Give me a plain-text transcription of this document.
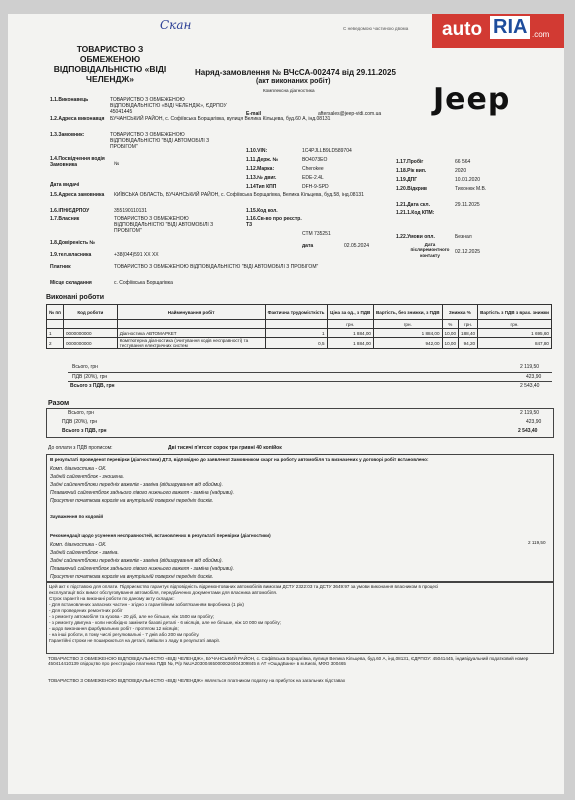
Скан	С неведомою частиною двома auto RIA .com
ТОВАРИСТВО З ОБМЕЖЕНОЮ ВІДПОВІДАЛЬНІСТЮ «ВІДІ ЧЕЛЕНДЖ»
Наряд-замовлення № ВЧсСА-002474 від 29.11.2025
(акт виконаних робіт)
Комплексна діагностика	Jeep
1.1.Виконавець	ТОВАРИСТВО З ОБМЕЖЕНОЮ ВІДПОВІДАЛЬНІСТЮ «ВІДІ ЧЕЛЕНДЖ», ЄДРПОУ 45041445	E-mail	aftersales@jeep-vidi.com.ua
1.2.Адреса виконавця БУЧАНСЬКИЙ РАЙОН, с. Софіївська Борщагівка, вулиця Велика Кільцева, буд.60 А, інд.08131
1.3.Замовник:	ТОВАРИСТВО З ОБМЕЖЕНОЮ ВІДПОВІДАЛЬНІСТЮ "ВІДІ АВТОМОБІЛІ З ПРОБІГОМ"
1.4.Посвідчення водія Замовника	№
Дата видачі
1.5.Адреса замовника КИЇВСЬКА ОБЛАСТЬ, БУЧАНСЬКИЙ РАЙОН, с. Софіївська Борщагівка, Велика Кільцева, буд.58, інд.08131
1.6.ІПН/ЄДРПОУ	355190110131
1.7.Власник	ТОВАРИСТВО З ОБМЕЖЕНОЮ ВІДПОВІДАЛЬНІСТЮ "ВІДІ АВТОМОБІЛІ З ПРОБІГОМ"
1.8.Довіреність №
1.9.тел.власника	+38(044)591 XX XX
1.10.VIN:	1C4PJLLB9LD589704
1.11.Держ. №	ВО4073ЕО
1.12.Марка:	Cherokee
1.13.№ двиг.	EDE-2.4L
1.14Тип КПП	DFH-9-SPD
1.15.Код кол.
1.16.Св-во про реєстр. ТЗ
СТМ 735251
дата	02.05.2024
1.17.Пробіг	66 564
1.18.Рік вип.	2020
1.19.ДПГ	10.01.2020
1.20.Відкрив	Тихонюк М.В.
1.21.Дата скл.	29.11.2025
1.21.1.Код КПМ:
1.22.Умови опл.	Безнал
Дата післяремонтного контакту
02.12.2025
Платник	ТОВАРИСТВО З ОБМЕЖЕНОЮ ВІДПОВІДАЛЬНІСТЮ "ВІДІ АВТОМОБІЛІ З ПРОБІГОМ"
Місце складання	с. Софіївська Борщагівка
Виконані роботи
№ пп	Код роботи	Найменування робіт	Фактична трудомісткість	Ціна за од., з ПДВ	Вартість, без знижки, з ПДВ	Знижка %		Вартість з ПДВ з врах. знижки
				грн.	грн.	%	грн.	грн.
1	0000000000	Діагностика АВТОМАРКЕТ	1	1 884,00	1 884,00	10,00	188,40	1 695,60
2	0000000000	Комп'ютерна діагностика (зчитування кодів несправності) та тестування електричних систем	0,5	1 884,00	942,00	10,00	94,20	847,80
Всього, грн	2 119,50
ПДВ (20%), грн	423,90
Всього з ПДВ, грн	2 543,40
Разом
Всього, грн	2 119,50
ПДВ (20%), грн	423,90
Всього з ПДВ, грн	2 543,40
До оплати з ПДВ прописом:	Дві тисячі п'ятсот сорок три гривні 40 копійок
В результаті проведеної перевірки (діагностики) ДТЗ, відповідно до заявленої Замовником скарг на роботу автомобіля та визначених у договорі робіт встановлено:
Комп. діагностика - ОК.
Задній сайлентблок - зношена.
Задні сайлентблоки передніх важелів - заміна (відшарування від обойми).
Плаваючий сайлентблок заднього лівого нижнього важеля - заміна (надриви).
Присутня початкова корозія на внутрішній поверхні передніх дисків.
Зауваження по кодовій
Рекомендації щодо усунення несправностей, встановлених в результаті перевірки (діагностики)
2 119,50
Комп. діагностика - ОК.
Задній сайлентблок - заміна.
Задні сайлентблоки передніх важелів - заміна (відшарування від обойми).
Плаваючий сайлентблок заднього лівого нижнього важеля - заміна (надриви).
Присутня початкова корозія на внутрішній поверхні передніх дисків.
Цей акт є підставою для оплати. Підприємство гарантує відповідність відремонтованих автомобілів вимогам ДСТУ 2322:03 та ДСТУ 3649:97 за умови виконання власником в процесі
експлуатації всіх вимог обслуговування автомобіля, передбачених документами для власника автомобіля.
Строк гарантії на виконані роботи по даному акту складає:
- Для встановлених запасних частин - згідно з гарантійним зобов'язанням виробника (1 рік)
- Для проведених ремонтних робіт
- з ремонту автомобіля та кузова - 20 діб, але не більше, ніж 1500 км пробігу;
- з ремонту двигуна - коли необхідно замінити базові деталі - 6 місяців, але не більше, ніж 10 000 км пробігу;
- щодо виконання фарбувальних робіт - протягом 12 місяців;
- на інші роботи, в тому числі регулювальні - 7 днів або 200 км пробігу.
Гарантійні строки не поширюються на деталі, вийшли з ладу в результаті аварії.
ТОВАРИСТВО З ОБМЕЖЕНОЮ ВІДПОВІДАЛЬНІСТЮ «ВІДІ ЧЕЛЕНДЖ», БУЧАНСЬКИЙ РАЙОН, с. Софіївська Борщагівка, вулиця Велика Кільцева, буд.60 А, інд.08131, ЄДРПОУ: 45041445, індивідуальний податковий номер 450414410139 свідоцтво про реєстрацію платника ПДВ №, Р/р №UA203004650000026004309845 в АТ «ОщадБанк» в м.Києві, МФО 300465
ТОВАРИСТВО З ОБМЕЖЕНОЮ ВІДПОВІДАЛЬНІСТЮ «ВІДІ ЧЕЛЕНДЖ» являється платником податку на прибуток на загальних підставах
